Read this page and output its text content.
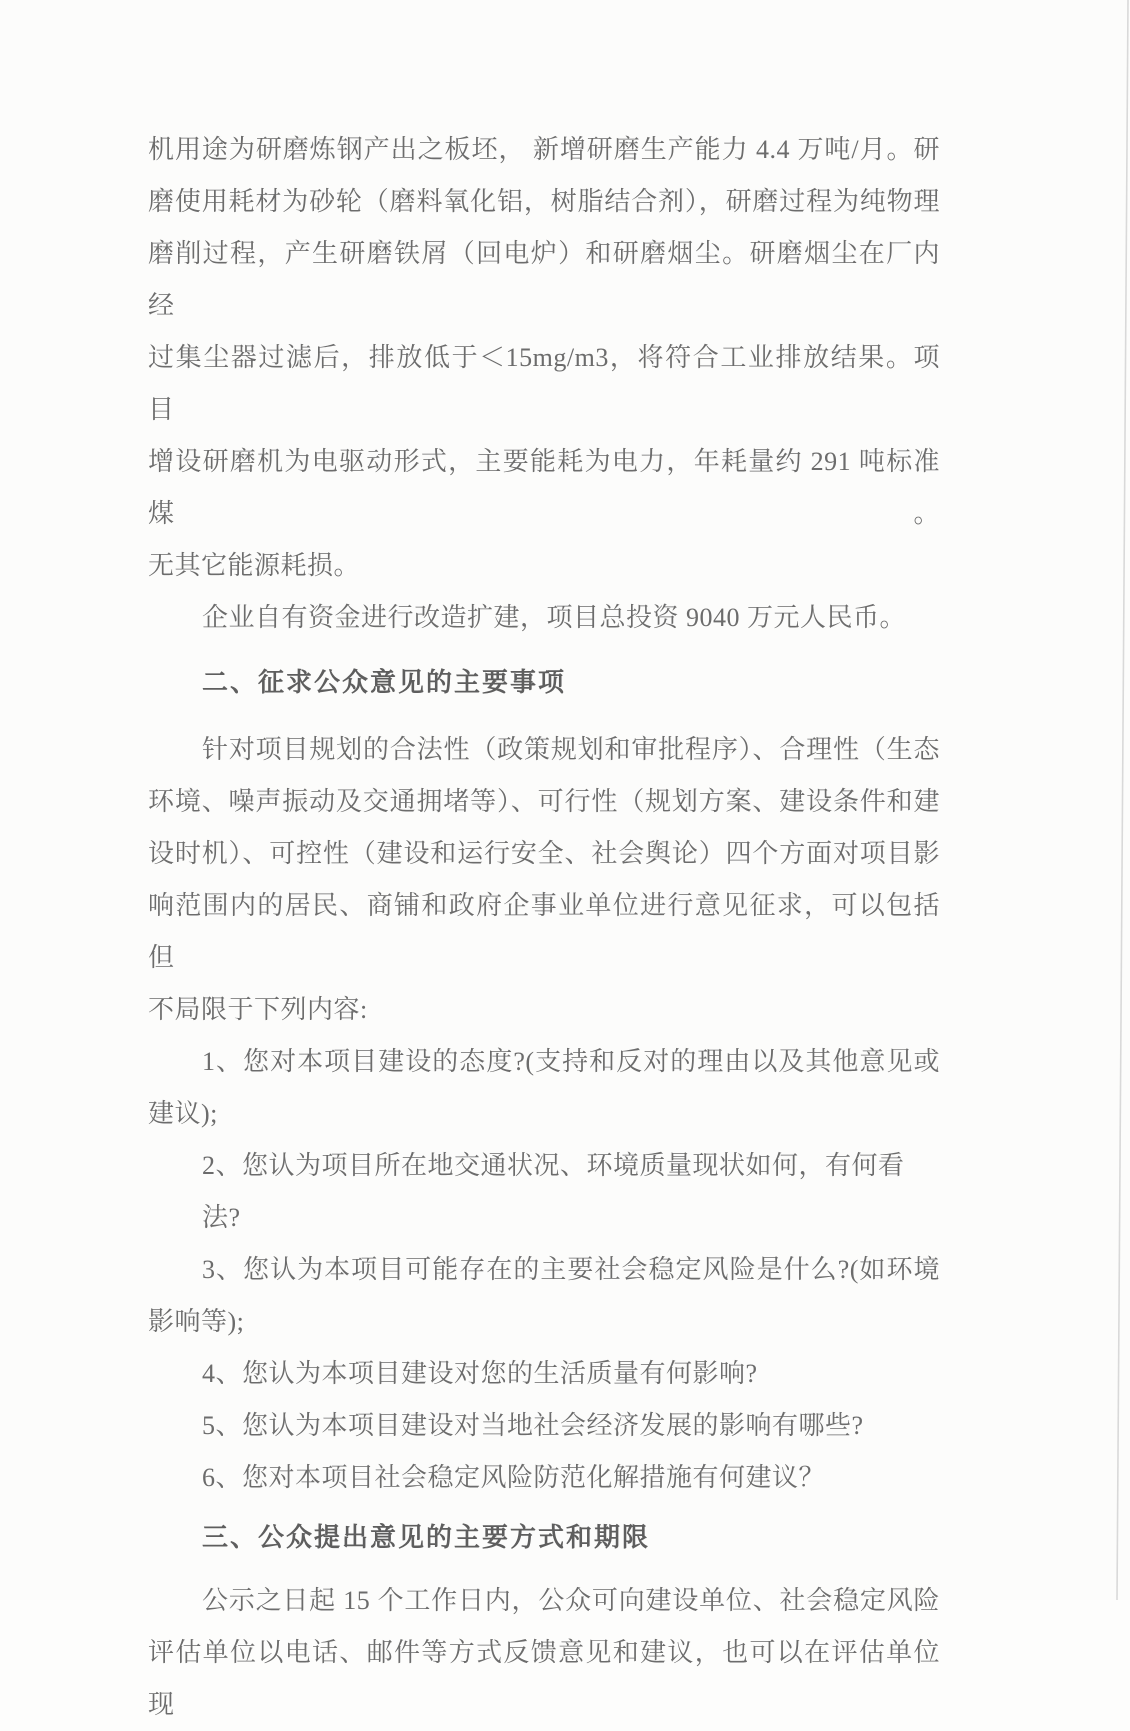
机用途为研磨炼钢产出之板坯， 新增研磨生产能力 4.4 万吨/月。研
磨使用耗材为砂轮（磨料氧化铝，树脂结合剂），研磨过程为纯物理
磨削过程，产生研磨铁屑（回电炉）和研磨烟尘。研磨烟尘在厂内经
过集尘器过滤后，排放低于＜15mg/m3，将符合工业排放结果。项目
增设研磨机为电驱动形式，主要能耗为电力，年耗量约 291 吨标准煤。
无其它能源耗损。
企业自有资金进行改造扩建，项目总投资 9040 万元人民币。
二、征求公众意见的主要事项
针对项目规划的合法性（政策规划和审批程序）、合理性（生态
环境、噪声振动及交通拥堵等）、可行性（规划方案、建设条件和建
设时机）、可控性（建设和运行安全、社会舆论）四个方面对项目影
响范围内的居民、商铺和政府企事业单位进行意见征求，可以包括但
不局限于下列内容:
1、您对本项目建设的态度?(支持和反对的理由以及其他意见或
建议);
2、您认为项目所在地交通状况、环境质量现状如何，有何看法?
3、您认为本项目可能存在的主要社会稳定风险是什么?(如环境
影响等);
4、您认为本项目建设对您的生活质量有何影响?
5、您认为本项目建设对当地社会经济发展的影响有哪些?
6、您对本项目社会稳定风险防范化解措施有何建议？
三、公众提出意见的主要方式和期限
公示之日起 15 个工作日内，公众可向建设单位、社会稳定风险
评估单位以电话、邮件等方式反馈意见和建议，也可以在评估单位现
